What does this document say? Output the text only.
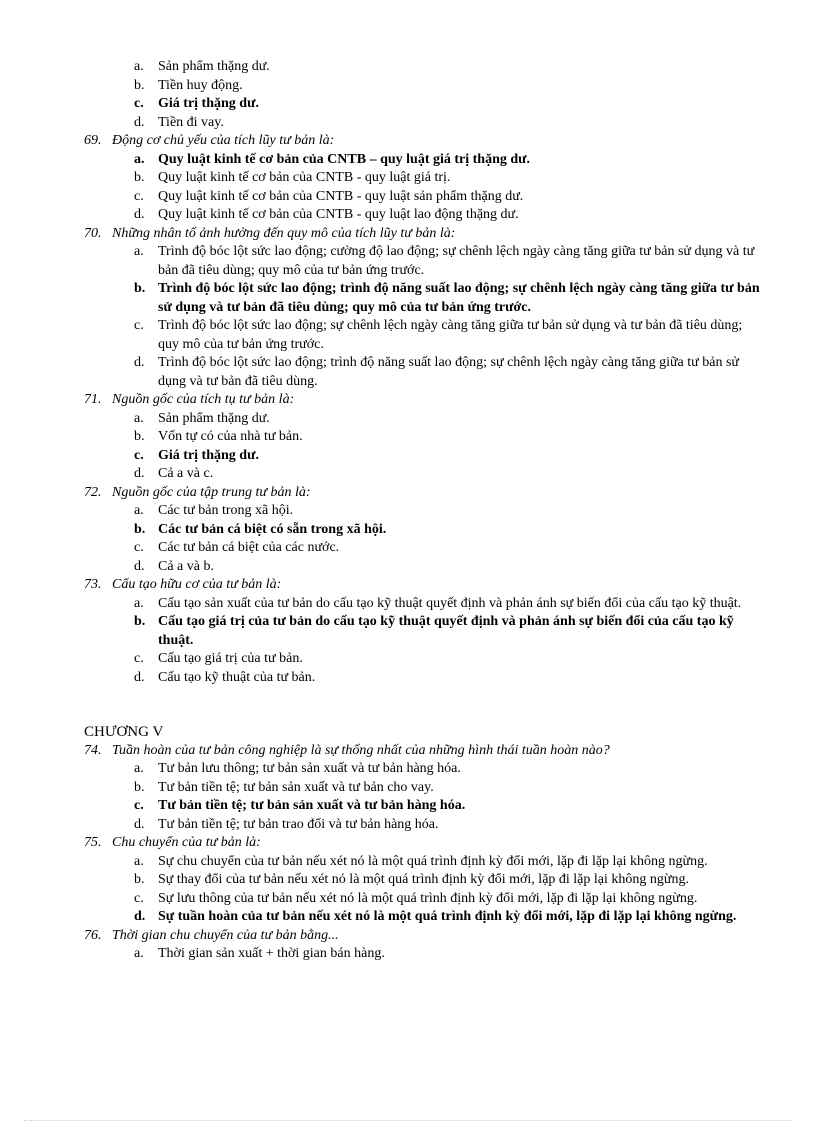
a.	Sản phẩm thặng dư.
b. Tiền huy động.
c.	Giá trị thặng dư.
d. Tiền đi vay.
69. Động cơ chủ yếu của tích lũy tư bản là:
a. Quy luật kinh tế cơ bản của CNTB – quy luật giá trị thặng dư.
b. Quy luật kinh tế cơ bản của CNTB - quy luật giá trị.
c.	Quy luật kinh tế cơ bản của CNTB - quy luật sản phẩm thặng dư.
d. Quy luật kinh tế cơ bản của CNTB - quy luật lao động thặng dư.
70. Những nhân tố ảnh hưởng đến quy mô của tích lũy tư bản là:
a.	Trình độ bóc lột sức lao động; cường độ lao động; sự chênh lệch ngày càng tăng giữa tư bản sử dụng và tư bản đã tiêu dùng; quy mô của tư bản ứng trước.
b. Trình độ bóc lột sức lao động; trình độ năng suất lao động; sự chênh lệch ngày càng tăng giữa tư bản sử dụng và tư bản đã tiêu dùng; quy mô của tư bản ứng trước.
c.	Trình độ bóc lột sức lao động; sự chênh lệch ngày càng tăng giữa tư bản sử dụng và tư bản đã tiêu dùng; quy mô của tư bản ứng trước.
d. Trình độ bóc lột sức lao động; trình độ năng suất lao động; sự chênh lệch ngày càng tăng giữa tư bản sử dụng và tư bản đã tiêu dùng.
71. Nguồn gốc của tích tụ tư bản là:
a.	Sản phẩm thặng dư.
b. Vốn tự có của nhà tư bản.
c.	Giá trị thặng dư.
d. Cả a và c.
72. Nguồn gốc của tập trung tư bản là:
a.	Các tư bản trong xã hội.
b. Các tư bản cá biệt có sẵn trong xã hội.
c.	Các tư bản cá biệt của các nước.
d. Cả a và b.
73. Cấu tạo hữu cơ của tư bản là:
a.	Cấu tạo sản xuất của tư bản do cấu tạo kỹ thuật quyết định và phản ánh sự biến đổi của cấu tạo kỹ thuật.
b. Cấu tạo giá trị của tư bản do cấu tạo kỹ thuật quyết định và phản ánh sự biến đổi của cấu tạo kỹ thuật.
c.	Cấu tạo giá trị của tư bản.
d. Cấu tạo kỹ thuật của tư bản.
CHƯƠNG V
74. Tuần hoàn của tư bản công nghiệp là sự thống nhất của những hình thái tuần hoàn nào?
a.	Tư bản lưu thông; tư bản sản xuất và tư bản hàng hóa.
b. Tư bản tiền tệ; tư bản sản xuất và tư bản cho vay.
c.	Tư bản tiền tệ; tư bản sản xuất và tư bản hàng hóa.
d. Tư bản tiền tệ; tư bản trao đổi và tư bản hàng hóa.
75. Chu chuyển của tư bản là:
a.	Sự chu chuyển của tư bản nếu xét nó là một quá trình định kỳ đổi mới, lặp đi lặp lại không ngừng.
b. Sự thay đổi của tư bản nếu xét nó là một quá trình định kỳ đổi mới, lặp đi lặp lại không ngừng.
c.	Sự lưu thông của tư bản nếu xét nó là một quá trình định kỳ đổi mới, lặp đi lặp lại không ngừng.
d. Sự tuần hoàn của tư bản nếu xét nó là một quá trình định kỳ đổi mới, lặp đi lặp lại không ngừng.
76. Thời gian chu chuyển của tư bản bằng...
a.	Thời gian sản xuất + thời gian bán hàng.
